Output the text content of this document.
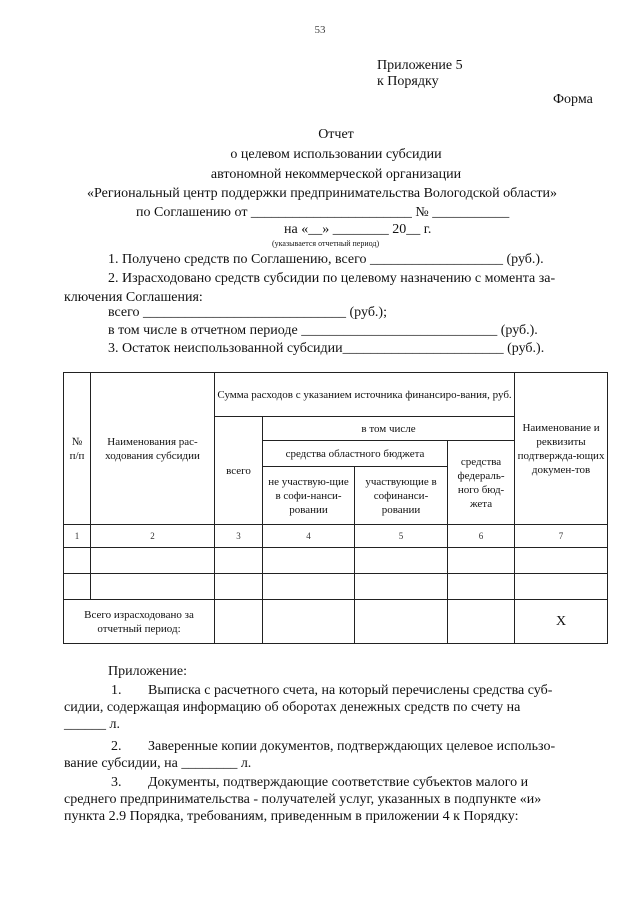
53
Приложение 5
к Порядку
Форма
Отчет
о целевом использовании субсидии
автономной некоммерческой организации
«Региональный центр поддержки предпринимательства Вологодской области»
по Соглашению от _______________________ № ___________
на «__» ________ 20__ г.
(указывается отчетный период)
1. Получено средств по Соглашению, всего ___________________ (руб.).
2. Израсходовано средств субсидии по целевому назначению с момента за-
ключения Соглашения:
всего _____________________________ (руб.);
в том числе в отчетном периоде ____________________________ (руб.).
3. Остаток неиспользованной субсидии_______________________ (руб.).
№ п/п	Наименования рас-ходования субсидии	Сумма расходов с указанием источника финансиро-вания, руб.				Наименование и реквизиты подтвержда-ющих докумен-тов

		всего	в том числе			

			средства областного бюджета		средства федераль-ного бюд-жета	

			не участвую-щие в софи-нанси-ровании	участвующие в софинанси-ровании		

1	2	3	4	5	6	7

Всего израсходовано за отчетный период:						X
Приложение:
1. Выписка с расчетного счета, на который перечислены средства суб-
сидии, содержащая информацию об оборотах денежных средств по счету на
______ л.
2. Заверенные копии документов, подтверждающих целевое использо-
вание субсидии, на ________ л.
3. Документы, подтверждающие соответствие субъектов малого и
среднего предпринимательства - получателей услуг, указанных в подпункте «и»
пункта 2.9 Порядка, требованиям, приведенным в приложении 4 к Порядку:
